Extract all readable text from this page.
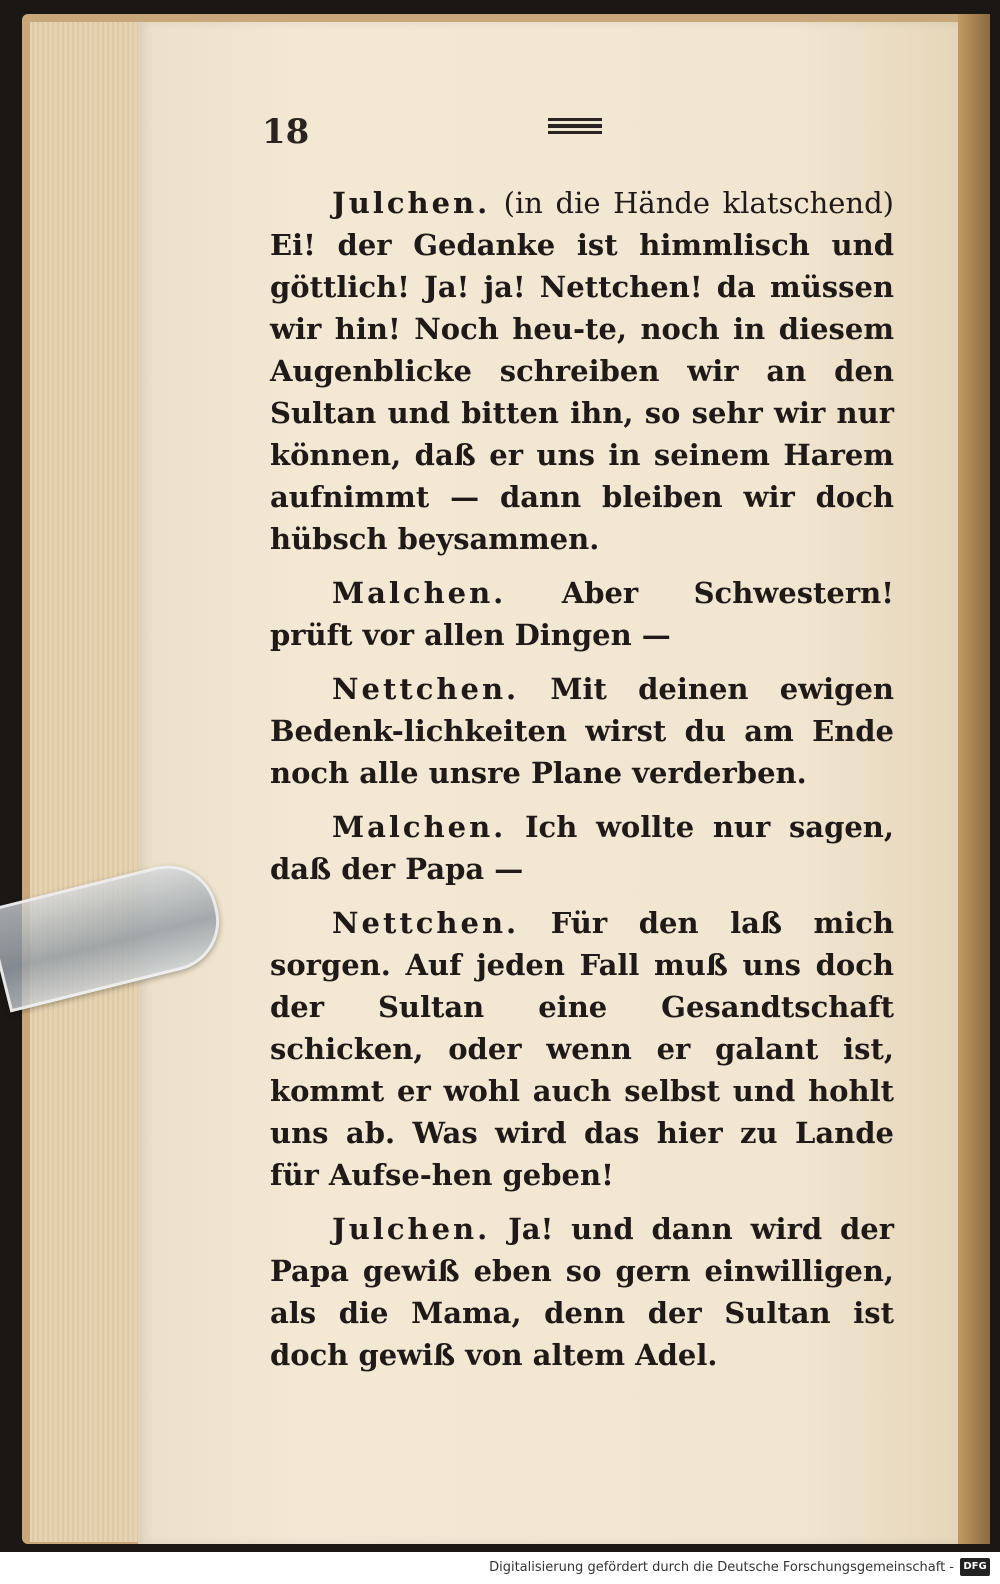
18

Julchen. (in die Hände klatschend) Ei! der Gedanke ist himmlisch und göttlich! Ja! ja! Nettchen! da müssen wir hin! Noch heu-te, noch in diesem Augenblicke schreiben wir an den Sultan und bitten ihn, so sehr wir nur können, daß er uns in seinem Harem aufnimmt — dann bleiben wir doch hübsch beysammen.

Malchen. Aber Schwestern! prüft vor allen Dingen —

Nettchen. Mit deinen ewigen Bedenk-lichkeiten wirst du am Ende noch alle unsre Plane verderben.

Malchen. Ich wollte nur sagen, daß der Papa —

Nettchen. Für den laß mich sorgen. Auf jeden Fall muß uns doch der Sultan eine Gesandtschaft schicken, oder wenn er galant ist, kommt er wohl auch selbst und hohlt uns ab. Was wird das hier zu Lande für Aufse-hen geben!

Julchen. Ja! und dann wird der Papa gewiß eben so gern einwilligen, als die Mama, denn der Sultan ist doch gewiß von altem Adel.

Digitalisierung gefördert durch die Deutsche Forschungsgemeinschaft - DFG
